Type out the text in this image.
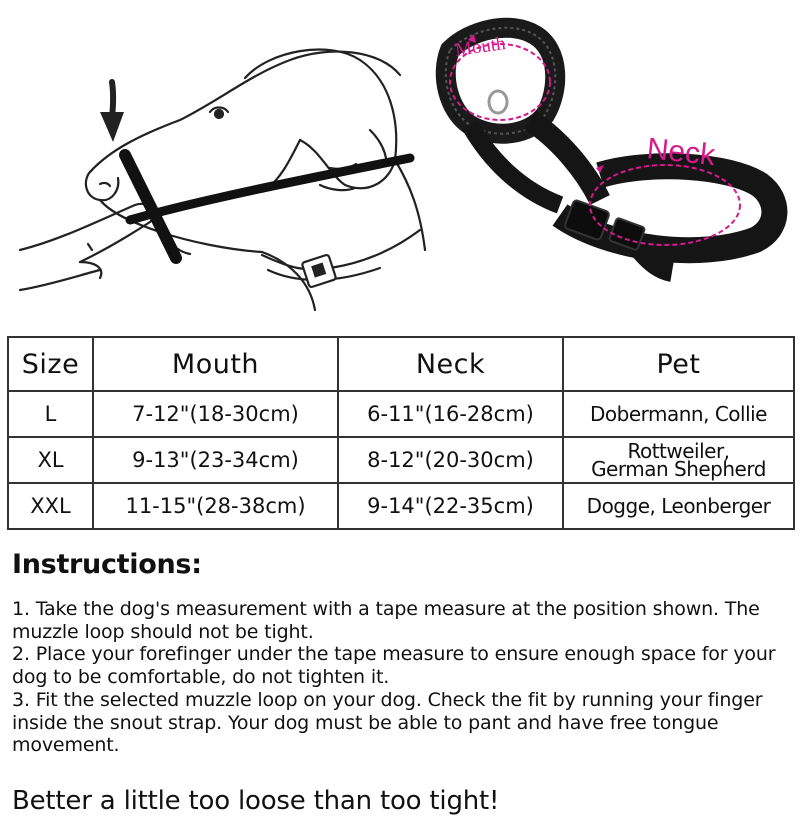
Mouth
Neck
Size	Mouth	Neck	Pet
L	7-12"(18-30cm)	6-11"(16-28cm)	Dobermann, Collie
XL	9-13"(23-34cm)	8-12"(20-30cm)	Rottweiler,
German Shepherd

XXL	11-15"(28-38cm)	9-14"(22-35cm)	Dogge, Leonberger
Instructions:

1. Take the dog's measurement with a tape measure at the position shown. The muzzle loop should not be tight.

2. Place your forefinger under the tape measure to ensure enough space for your dog to be comfortable, do not tighten it.

3. Fit the selected muzzle loop on your dog. Check the fit by running your finger inside the snout strap. Your dog must be able to pant and have free tongue movement.

Better a little too loose than too tight!
